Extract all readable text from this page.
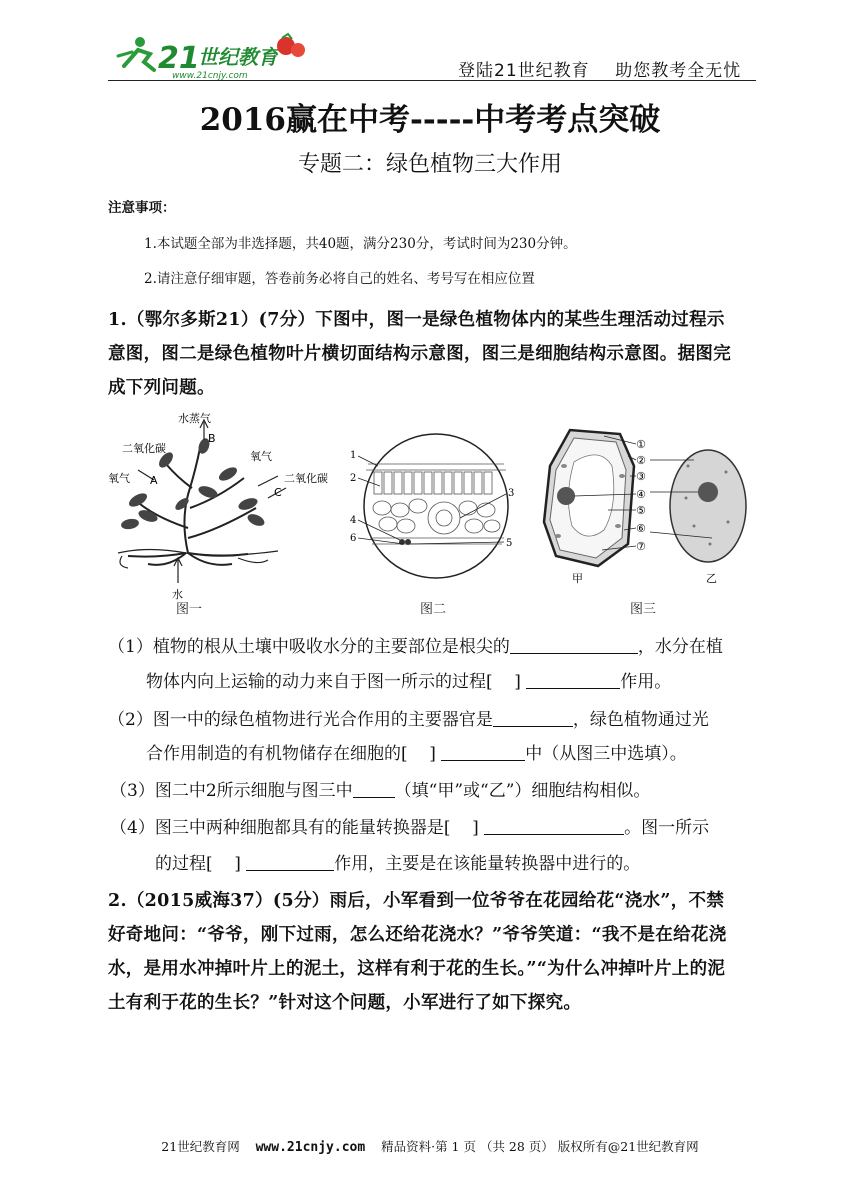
21
世纪教育
www.21cnjy.com	登陆21世纪教育    助您教考全无忧
2016赢在中考-----中考考点突破
专题二：绿色植物三大作用
注意事项：
1.本试题全部为非选择题，共40题，满分230分，考试时间为230分钟。
2.请注意仔细审题，答卷前务必将自己的姓名、考号写在相应位置
1.（鄂尔多斯21）(7分）下图中，图一是绿色植物体内的某些生理活动过程示
意图，图二是绿色植物叶片横切面结构示意图，图三是细胞结构示意图。据图完
成下列问题。
水蒸气
B
二氧化碳
氧气
氧气 A	二氧化碳
C
水
图一
1
2
3
4
5
6
图二
①
②
③
④
⑤
⑥
⑦
甲	乙
图三
（1）植物的根从土壤中吸收水分的主要部位是根尖的	，水分在植
物体内向上运输的动力来自于图一所示的过程[    ]	作用。
（2）图一中的绿色植物进行光合作用的主要器官是	，绿色植物通过光
合作用制造的有机物储存在细胞的[    ]	中（从图三中选填）。
（3）图二中2所示细胞与图三中 （填“甲”或“乙”）细胞结构相似。
（4）图三中两种细胞都具有的能量转换器是[    ]	。图一所示
的过程[    ]	作用，主要是在该能量转换器中进行的。
2.（2015威海37）(5分）雨后，小军看到一位爷爷在花园给花“浇水”，不禁
好奇地问：“爷爷，刚下过雨，怎么还给花浇水？”爷爷笑道：“我不是在给花浇
水，是用水冲掉叶片上的泥土，这样有利于花的生长。”“为什么冲掉叶片上的泥
土有利于花的生长？”针对这个问题，小军进行了如下探究。
21世纪教育网 www.21cnjy.com 精品资料·第 1 页 （共 28 页） 版权所有@21世纪教育网
